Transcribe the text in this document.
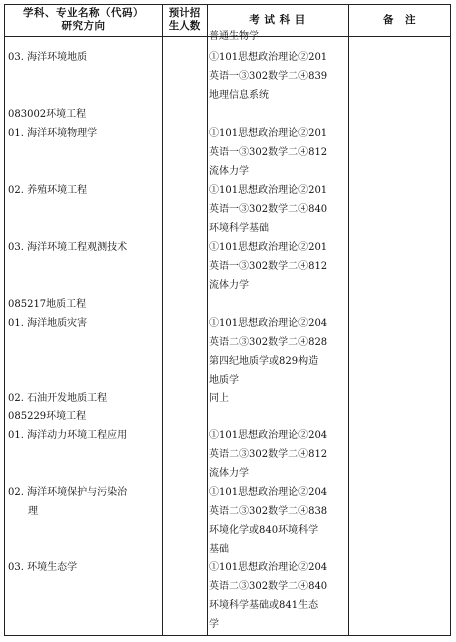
学科、专业名称（代码）
研究方向
预计招
生人数	考 试 科 目	备　注
03. 海洋环境地质
083002环境工程
01. 海洋环境物理学
02. 养殖环境工程
03. 海洋环境工程观测技术
085217地质工程
01. 海洋地质灾害
02. 石油开发地质工程
085229环境工程
01. 海洋动力环境工程应用
02. 海洋环境保护与污染治
理
03. 环境生态学
普通生物学
①101思想政治理论②201
英语一③302数学二④839
地理信息系统
①101思想政治理论②201
英语一③302数学二④812
流体力学
①101思想政治理论②201
英语一③302数学二④840
环境科学基础
①101思想政治理论②201
英语一③302数学二④812
流体力学
①101思想政治理论②204
英语二③302数学二④828
第四纪地质学或829构造
地质学
同上
①101思想政治理论②204
英语二③302数学二④812
流体力学
①101思想政治理论②204
英语二③302数学二④838
环境化学或840环境科学
基础
①101思想政治理论②204
英语二③302数学二④840
环境科学基础或841生态
学
